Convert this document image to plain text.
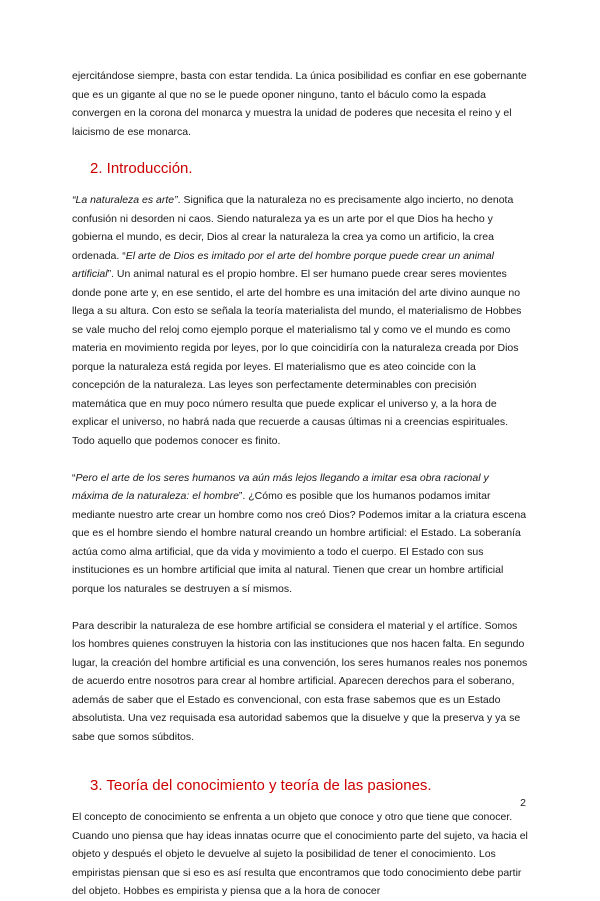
ejercitándose siempre, basta con estar tendida. La única posibilidad es confiar en ese gobernante que es un gigante al que no se le puede oponer ninguno, tanto el báculo como la espada convergen en la corona del monarca y muestra la unidad de poderes que necesita el reino y el laicismo de ese monarca.

2. Introducción.

“La naturaleza es arte”. Significa que la naturaleza no es precisamente algo incierto, no denota confusión ni desorden ni caos. Siendo naturaleza ya es un arte por el que Dios ha hecho y gobierna el mundo, es decir, Dios al crear la naturaleza la crea ya como un artificio, la crea ordenada. “El arte de Dios es imitado por el arte del hombre porque puede crear un animal artificial”. Un animal natural es el propio hombre. El ser humano puede crear seres movientes donde pone arte y, en ese sentido, el arte del hombre es una imitación del arte divino aunque no llega a su altura. Con esto se señala la teoría materialista del mundo, el materialismo de Hobbes se vale mucho del reloj como ejemplo porque el materialismo tal y como ve el mundo es como materia en movimiento regida por leyes, por lo que coincidiría con la naturaleza creada por Dios porque la naturaleza está regida por leyes. El materialismo que es ateo coincide con la concepción de la naturaleza. Las leyes son perfectamente determinables con precisión matemática que en muy poco número resulta que puede explicar el universo y, a la hora de explicar el universo, no habrá nada que recuerde a causas últimas ni a creencias espirituales. Todo aquello que podemos conocer es finito.

“Pero el arte de los seres humanos va aún más lejos llegando a imitar esa obra racional y máxima de la naturaleza: el hombre”. ¿Cómo es posible que los humanos podamos imitar mediante nuestro arte crear un hombre como nos creó Dios? Podemos imitar a la criatura escena que es el hombre siendo el hombre natural creando un hombre artificial: el Estado. La soberanía actúa como alma artificial, que da vida y movimiento a todo el cuerpo. El Estado con sus instituciones es un hombre artificial que imita al natural. Tienen que crear un hombre artificial porque los naturales se destruyen a sí mismos.

Para describir la naturaleza de ese hombre artificial se considera el material y el artífice. Somos los hombres quienes construyen la historia con las instituciones que nos hacen falta. En segundo lugar, la creación del hombre artificial es una convención, los seres humanos reales nos ponemos de acuerdo entre nosotros para crear al hombre artificial. Aparecen derechos para el soberano, además de saber que el Estado es convencional, con esta frase sabemos que es un Estado absolutista. Una vez requisada esa autoridad sabemos que la disuelve y que la preserva y ya se sabe que somos súbditos.

3. Teoría del conocimiento y teoría de las pasiones.

El concepto de conocimiento se enfrenta a un objeto que conoce y otro que tiene que conocer. Cuando uno piensa que hay ideas innatas ocurre que el conocimiento parte del sujeto, va hacia el objeto y después el objeto le devuelve al sujeto la posibilidad de tener el conocimiento. Los empiristas piensan que si eso es así resulta que encontramos que todo conocimiento debe partir del objeto. Hobbes es empirista y piensa que a la hora de conocer

2
